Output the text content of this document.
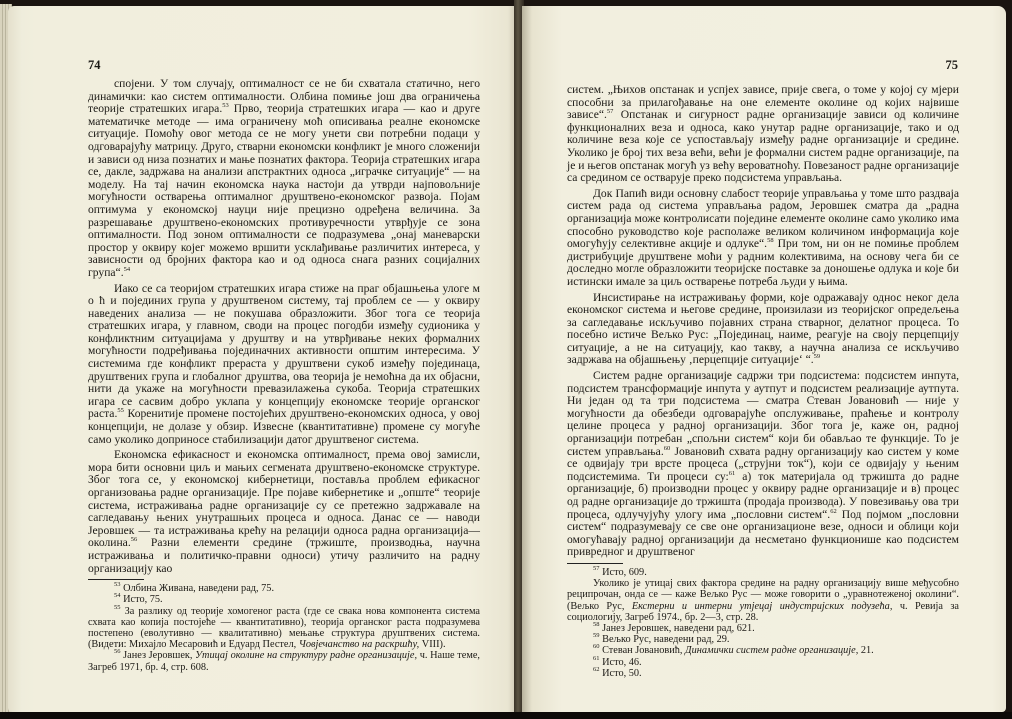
74

спојени. У том случају, оптималност се не би схватала статично, него динамички: као систем оптималности. Олбина помиње још два ограничења теорије стратешких игара.$^{53}$ Прво, теорија стратешких игара — као и друге математичке методе — има ограничену моћ описивања реалне економске ситуације. Помоћу овог метода се не могу унети сви потребни подаци у одговарајућу матрицу. Друго, стварни економски конфликт је много сложенији и зависи од низа познатих и мање познатих фактора. Теорија стратешких игара се, дакле, задржава на анализи апстрактних односа „играчке ситуације“ — на моделу. На тај начин економска наука настоји да утврди најповољније могућности остварења оптималног друштвено-економског развоја. Појам оптимума у економској науци није прецизно одређена величина. За разрешавање друштвено-економских противуречности утврђује се зона оптималности. Под зоном оптималности се подразумева „онај маневарски простор у оквиру којег можемо вршити усклађивање различитих интереса, у зависности од бројних фактора као и од односа снага разних социјалних група“.$^{54}$

Иако се са теоријом стратешких игара стиже на праг објашњења улоге м о ћ и појединих група у друштвеном систему, тај проблем се — у оквиру наведених анализа — не покушава образложити. Због тога се теорија стратешких игара, у главном, своди на процес погодби између судионика у конфликтним ситуацијама у друштву и на утврђивање неких формалних могућности подређивања појединачних активности општим интересима. У системима где конфликт прераста у друштвени сукоб између појединаца, друштвених група и глобалног друштва, ова теорија је немоћна да их објасни, нити да укаже на могућности превазилажења сукоба. Теорија стратешких игара се сасвим добро уклапа у концепцију економске теорије органског раста.$^{55}$ Коренитије промене постојећих друштвено-економских односа, у овој концепцији, не долазе у обзир. Извесне (квантитативне) промене су могуће само уколико доприносе стабилизацији датог друштвеног система.

Економска ефикасност и економска оптималност, према овој замисли, мора бити основни циљ и мањих сегмената друштвено-економске структуре. Због тога се, у економској кибернетици, поставља проблем ефикасног организовања радне организације. Пре појаве кибернетике и „опште“ теорије система, истраживања радне организације су се претежно задржавале на сагледавању њених унутрашњих процеса и односа. Данас се — наводи Јеровшек — та истраживања крећу на релацији односа радна организација—околина.$^{56}$ Разни елементи средине (тржиште, производња, научна истраживања и политичко-правни односи) утичу различито на радну организацију као

$^{53}$ Олбина Живана, наведени рад, 75.

$^{54}$ Исто, 75.

$^{55}$ За разлику од теорије хомогеног раста (где се свака нова компонента система схвата као копија постојеће — квантитативно), теорија органског раста подразумева постепено (еволутивно — квалитативно) мењање структура друштвених система. (Видети: Михајло Месаровић и Едуард Пестел, Човјечанство на раскршћу, VIII).

$^{56}$ Јанез Јеровшек, Утицај околине на структуру радне организације, ч. Наше теме, Загреб 1971, бр. 4, стр. 608.

75

систем. „Њихов опстанак и успјех зависе, прије свега, о томе у којој су мјери способни за прилагођавање на оне елементе околине од којих највише зависе“.$^{57}$ Опстанак и сигурност радне организације зависи од количине функционалних веза и односа, како унутар радне организације, тако и од количине веза које се успостављају између радне организације и средине. Уколико је број тих веза већи, већи је формални систем радне организације, па је и његов опстанак могућ уз већу вероватноћу. Повезаност радне организације са средином се остварује преко подсистема управљања.

Док Папић види основну слабост теорије управљања у томе што раздваја систем рада од система управљања радом, Јеровшек сматра да „радна организација може контролисати поједине елементе околине само уколико има способно руководство које располаже великом количином информација које омогућују селективне акције и одлуке“.$^{58}$ При том, ни он не помиње проблем дистрибуције друштвене моћи у радним колективима, на основу чега би се доследно могле образложити теоријске поставке за доношење одлука и које би истински имале за циљ остварење потреба људи у њима.

Инсистирање на истраживању форми, које одражавају однос неког дела економског система и његове средине, произилази из теоријског опредељења за сагледавање искључиво појавних страна стварног, делатног процеса. То посебно истиче Вељко Рус: „Појединац, наиме, реагује на своју перцепцију ситуације, а не на ситуацију, као такву, а научна анализа се искључиво задржава на објашњењу ‚перцепције ситуације‘ “.$^{59}$

Систем радне организације садржи три подсистема: подсистем инпута, подсистем трансформације инпута у аутпут и подсистем реализације аутпута. Ни један од та три подсистема — сматра Стеван Јовановић — није у могућности да обезбеди одговарајуће опслуживање, праћење и контролу целине процеса у радној организацији. Због тога је, каже он, радној организацији потребан „спољни систем“ који би обављао те функције. То је систем управљања.$^{60}$ Јовановић схвата радну организацију као систем у коме се одвијају три врсте процеса („струјни ток“), који се одвијају у њеним подсистемима. Ти процеси су:$^{61}$ а) ток материјала од тржишта до радне организације, б) производни процес у оквиру радне организације и в) процес од радне организације до тржишта (продаја производа). У повезивању ова три процеса, одлучујућу улогу има „пословни систем“.$^{62}$ Под појмом „пословни систем“ подразумевају се све оне организационе везе, односи и облици који омогућавају радној организацији да несметано функционише као подсистем привредног и друштвеног

$^{57}$ Исто, 609.

Уколико је утицај свих фактора средине на радну организацију више међусобно реципрочан, онда се — каже Вељко Рус — може говорити о „уравнотеженој околини“. (Вељко Рус, Екстерни и интерни утјецај индустријских подузећа, ч. Ревија за социологију, Загреб 1974., бр. 2—3, стр. 28.

$^{58}$ Јанез Јеровшек, наведени рад, 621.

$^{59}$ Вељко Рус, наведени рад, 29.

$^{60}$ Стеван Јовановић, Динамички систем радне организације, 21.

$^{61}$ Исто, 46.

$^{62}$ Исто, 50.
